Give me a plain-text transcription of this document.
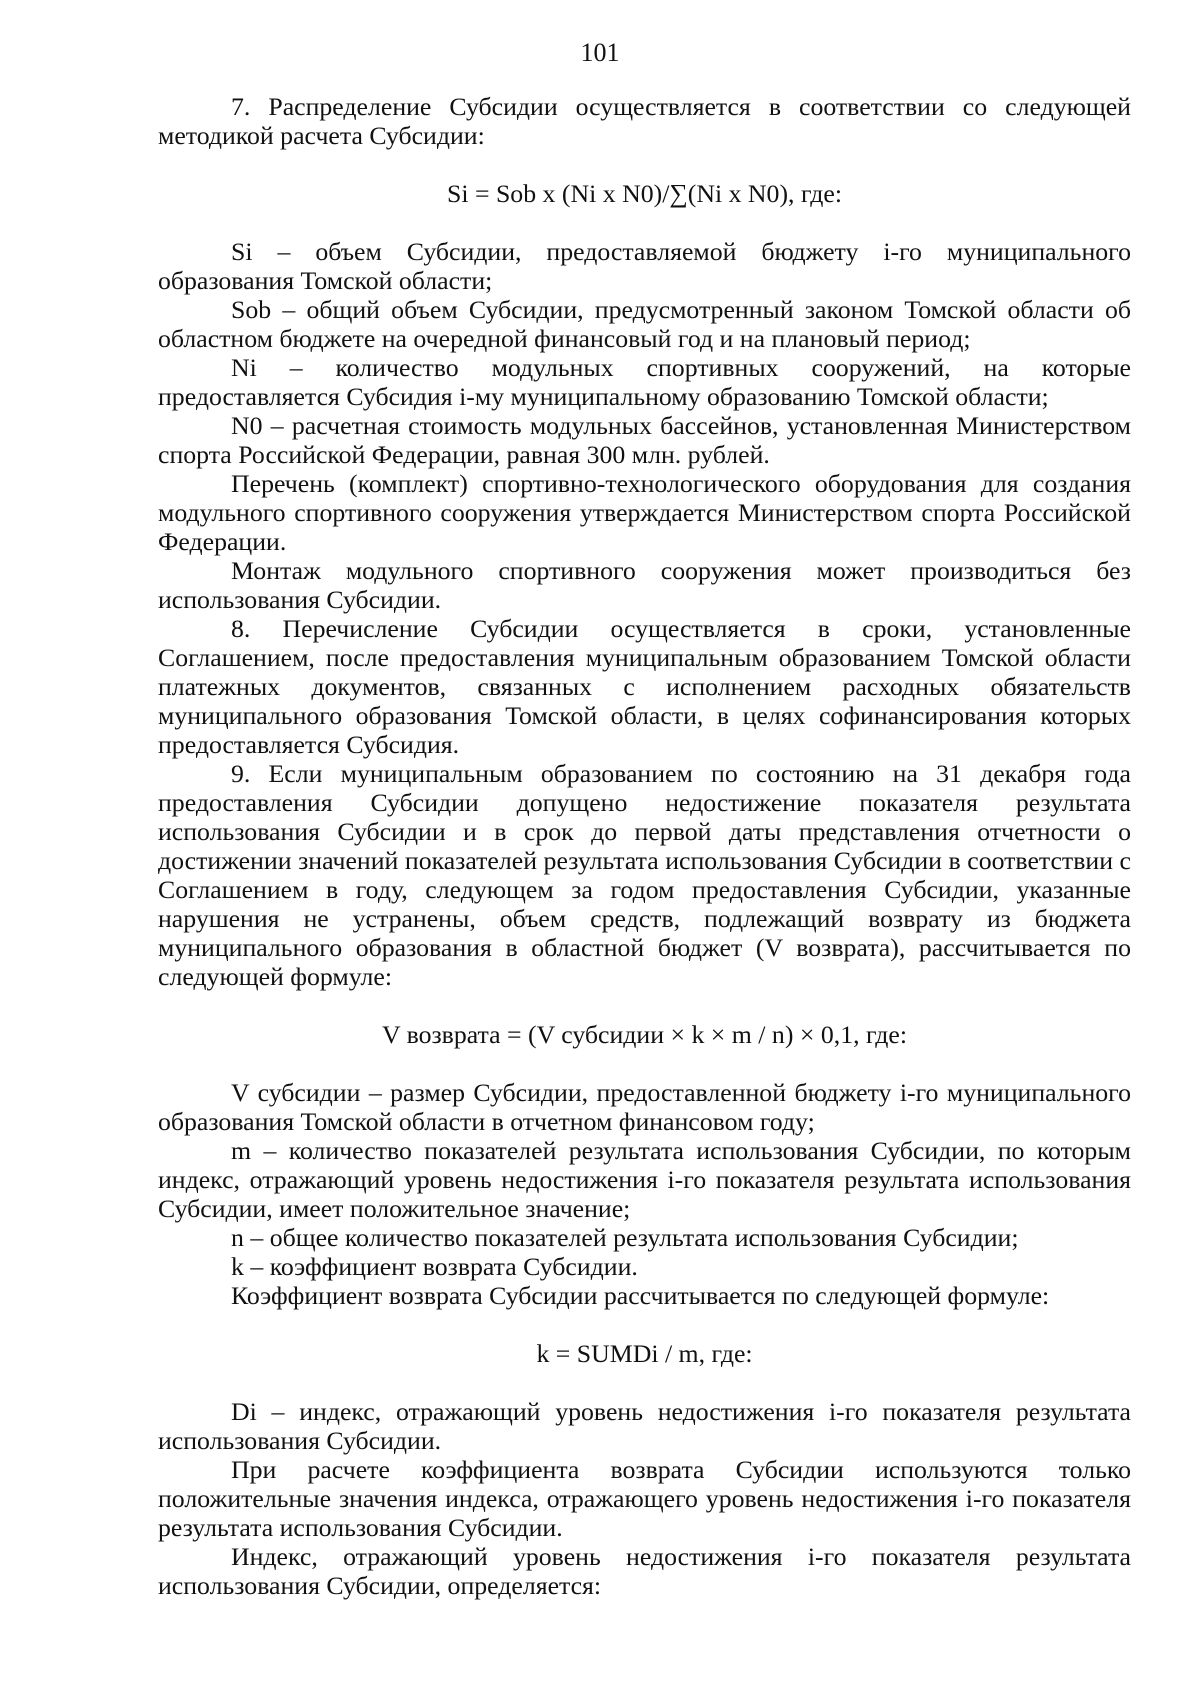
101

7. Распределение Субсидии осуществляется в соответствии со следующей методикой расчета Субсидии:

Si = Sob x (Ni x N0)/∑(Ni x N0), где:

Si – объем Субсидии, предоставляемой бюджету i-го муниципального образования Томской области;

Sob – общий объем Субсидии, предусмотренный законом Томской области об областном бюджете на очередной финансовый год и на плановый период;

Ni – количество модульных спортивных сооружений, на которые предоставляется Субсидия i-му муниципальному образованию Томской области;

N0 – расчетная стоимость модульных бассейнов, установленная Министерством спорта Российской Федерации, равная 300 млн. рублей.

Перечень (комплект) спортивно-технологического оборудования для создания модульного спортивного сооружения утверждается Министерством спорта Российской Федерации.

Монтаж модульного спортивного сооружения может производиться без использования Субсидии.

8. Перечисление Субсидии осуществляется в сроки, установленные Соглашением, после предоставления муниципальным образованием Томской области платежных документов, связанных с исполнением расходных обязательств муниципального образования Томской области, в целях софинансирования которых предоставляется Субсидия.

9. Если муниципальным образованием по состоянию на 31 декабря года предоставления Субсидии допущено недостижение показателя результата использования Субсидии и в срок до первой даты представления отчетности о достижении значений показателей результата использования Субсидии в соответствии с Соглашением в году, следующем за годом предоставления Субсидии, указанные нарушения не устранены, объем средств, подлежащий возврату из бюджета муниципального образования в областной бюджет (V возврата), рассчитывается по следующей формуле:

V возврата = (V субсидии × k × m / n) × 0,1, где:

V субсидии – размер Субсидии, предоставленной бюджету i-го муниципального образования Томской области в отчетном финансовом году;

m – количество показателей результата использования Субсидии, по которым индекс, отражающий уровень недостижения i-го показателя результата использования Субсидии, имеет положительное значение;

n – общее количество показателей результата использования Субсидии;

k – коэффициент возврата Субсидии.

Коэффициент возврата Субсидии рассчитывается по следующей формуле:

k = SUMDi / m, где:

Di – индекс, отражающий уровень недостижения i-го показателя результата использования Субсидии.

При расчете коэффициента возврата Субсидии используются только положительные значения индекса, отражающего уровень недостижения i-го показателя результата использования Субсидии.

Индекс, отражающий уровень недостижения i-го показателя результата использования Субсидии, определяется:
